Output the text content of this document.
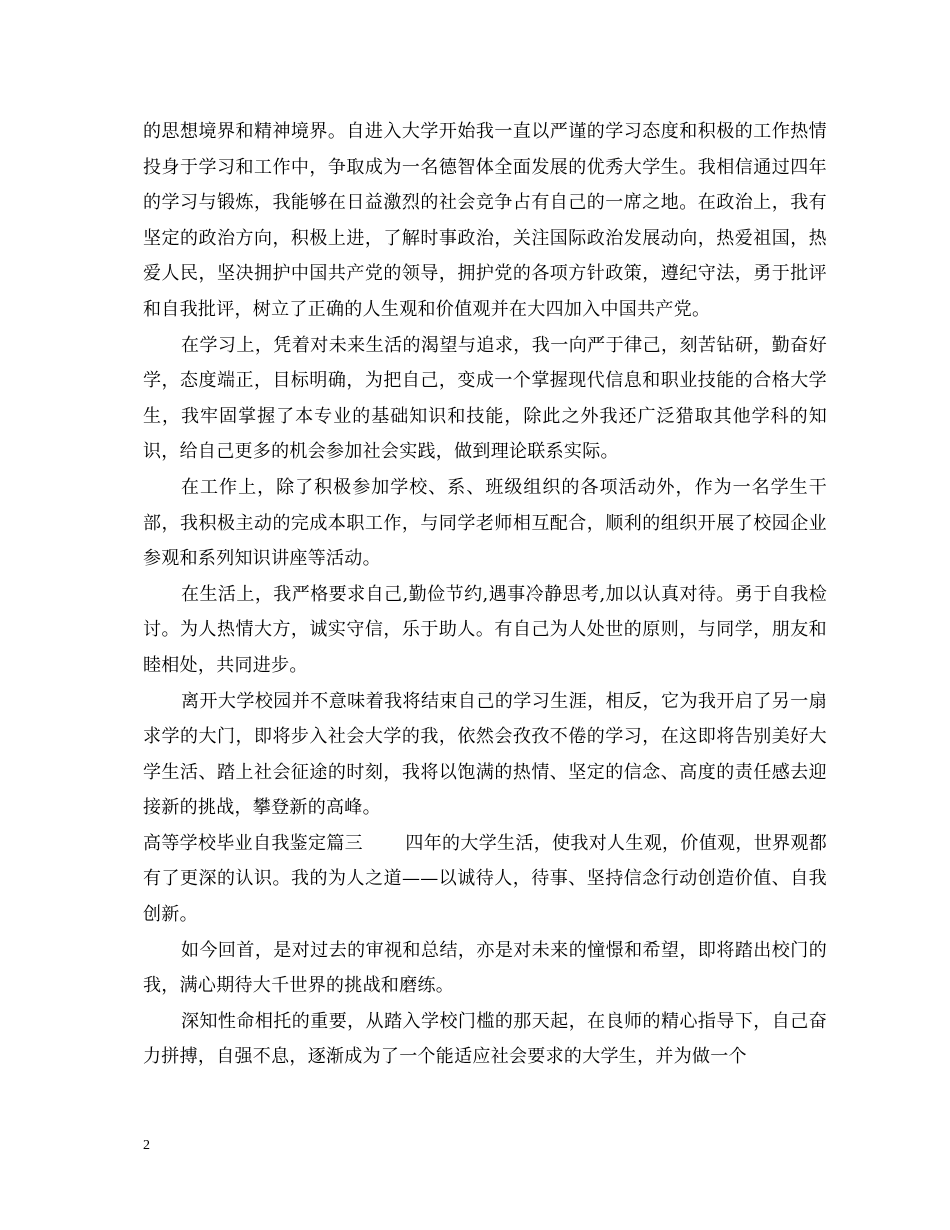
的思想境界和精神境界。自进入大学开始我一直以严谨的学习态度和积极的工作热情投身于学习和工作中，争取成为一名德智体全面发展的优秀大学生。我相信通过四年的学习与锻炼，我能够在日益激烈的社会竞争占有自己的一席之地。在政治上，我有坚定的政治方向，积极上进，了解时事政治，关注国际政治发展动向，热爱祖国，热爱人民，坚决拥护中国共产党的领导，拥护党的各项方针政策，遵纪守法，勇于批评和自我批评，树立了正确的人生观和价值观并在大四加入中国共产党。

在学习上，凭着对未来生活的渴望与追求，我一向严于律己，刻苦钻研，勤奋好学，态度端正，目标明确，为把自己，变成一个掌握现代信息和职业技能的合格大学生，我牢固掌握了本专业的基础知识和技能，除此之外我还广泛猎取其他学科的知识，给自己更多的机会参加社会实践，做到理论联系实际。

在工作上，除了积极参加学校、系、班级组织的各项活动外，作为一名学生干部，我积极主动的完成本职工作，与同学老师相互配合，顺利的组织开展了校园企业参观和系列知识讲座等活动。

在生活上，我严格要求自己,勤俭节约,遇事冷静思考,加以认真对待。勇于自我检讨。为人热情大方，诚实守信，乐于助人。有自己为人处世的原则，与同学，朋友和睦相处，共同进步。

离开大学校园并不意味着我将结束自己的学习生涯，相反，它为我开启了另一扇求学的大门，即将步入社会大学的我，依然会孜孜不倦的学习，在这即将告别美好大学生活、踏上社会征途的时刻，我将以饱满的热情、坚定的信念、高度的责任感去迎接新的挑战，攀登新的高峰。

高等学校毕业自我鉴定篇三 四年的大学生活，使我对人生观，价值观，世界观都有了更深的认识。我的为人之道——以诚待人，待事、坚持信念行动创造价值、自我创新。

如今回首，是对过去的审视和总结，亦是对未来的憧憬和希望，即将踏出校门的我，满心期待大千世界的挑战和磨练。

深知性命相托的重要，从踏入学校门槛的那天起，在良师的精心指导下，自己奋力拼搏，自强不息，逐渐成为了一个能适应社会要求的大学生，并为做一个

2
